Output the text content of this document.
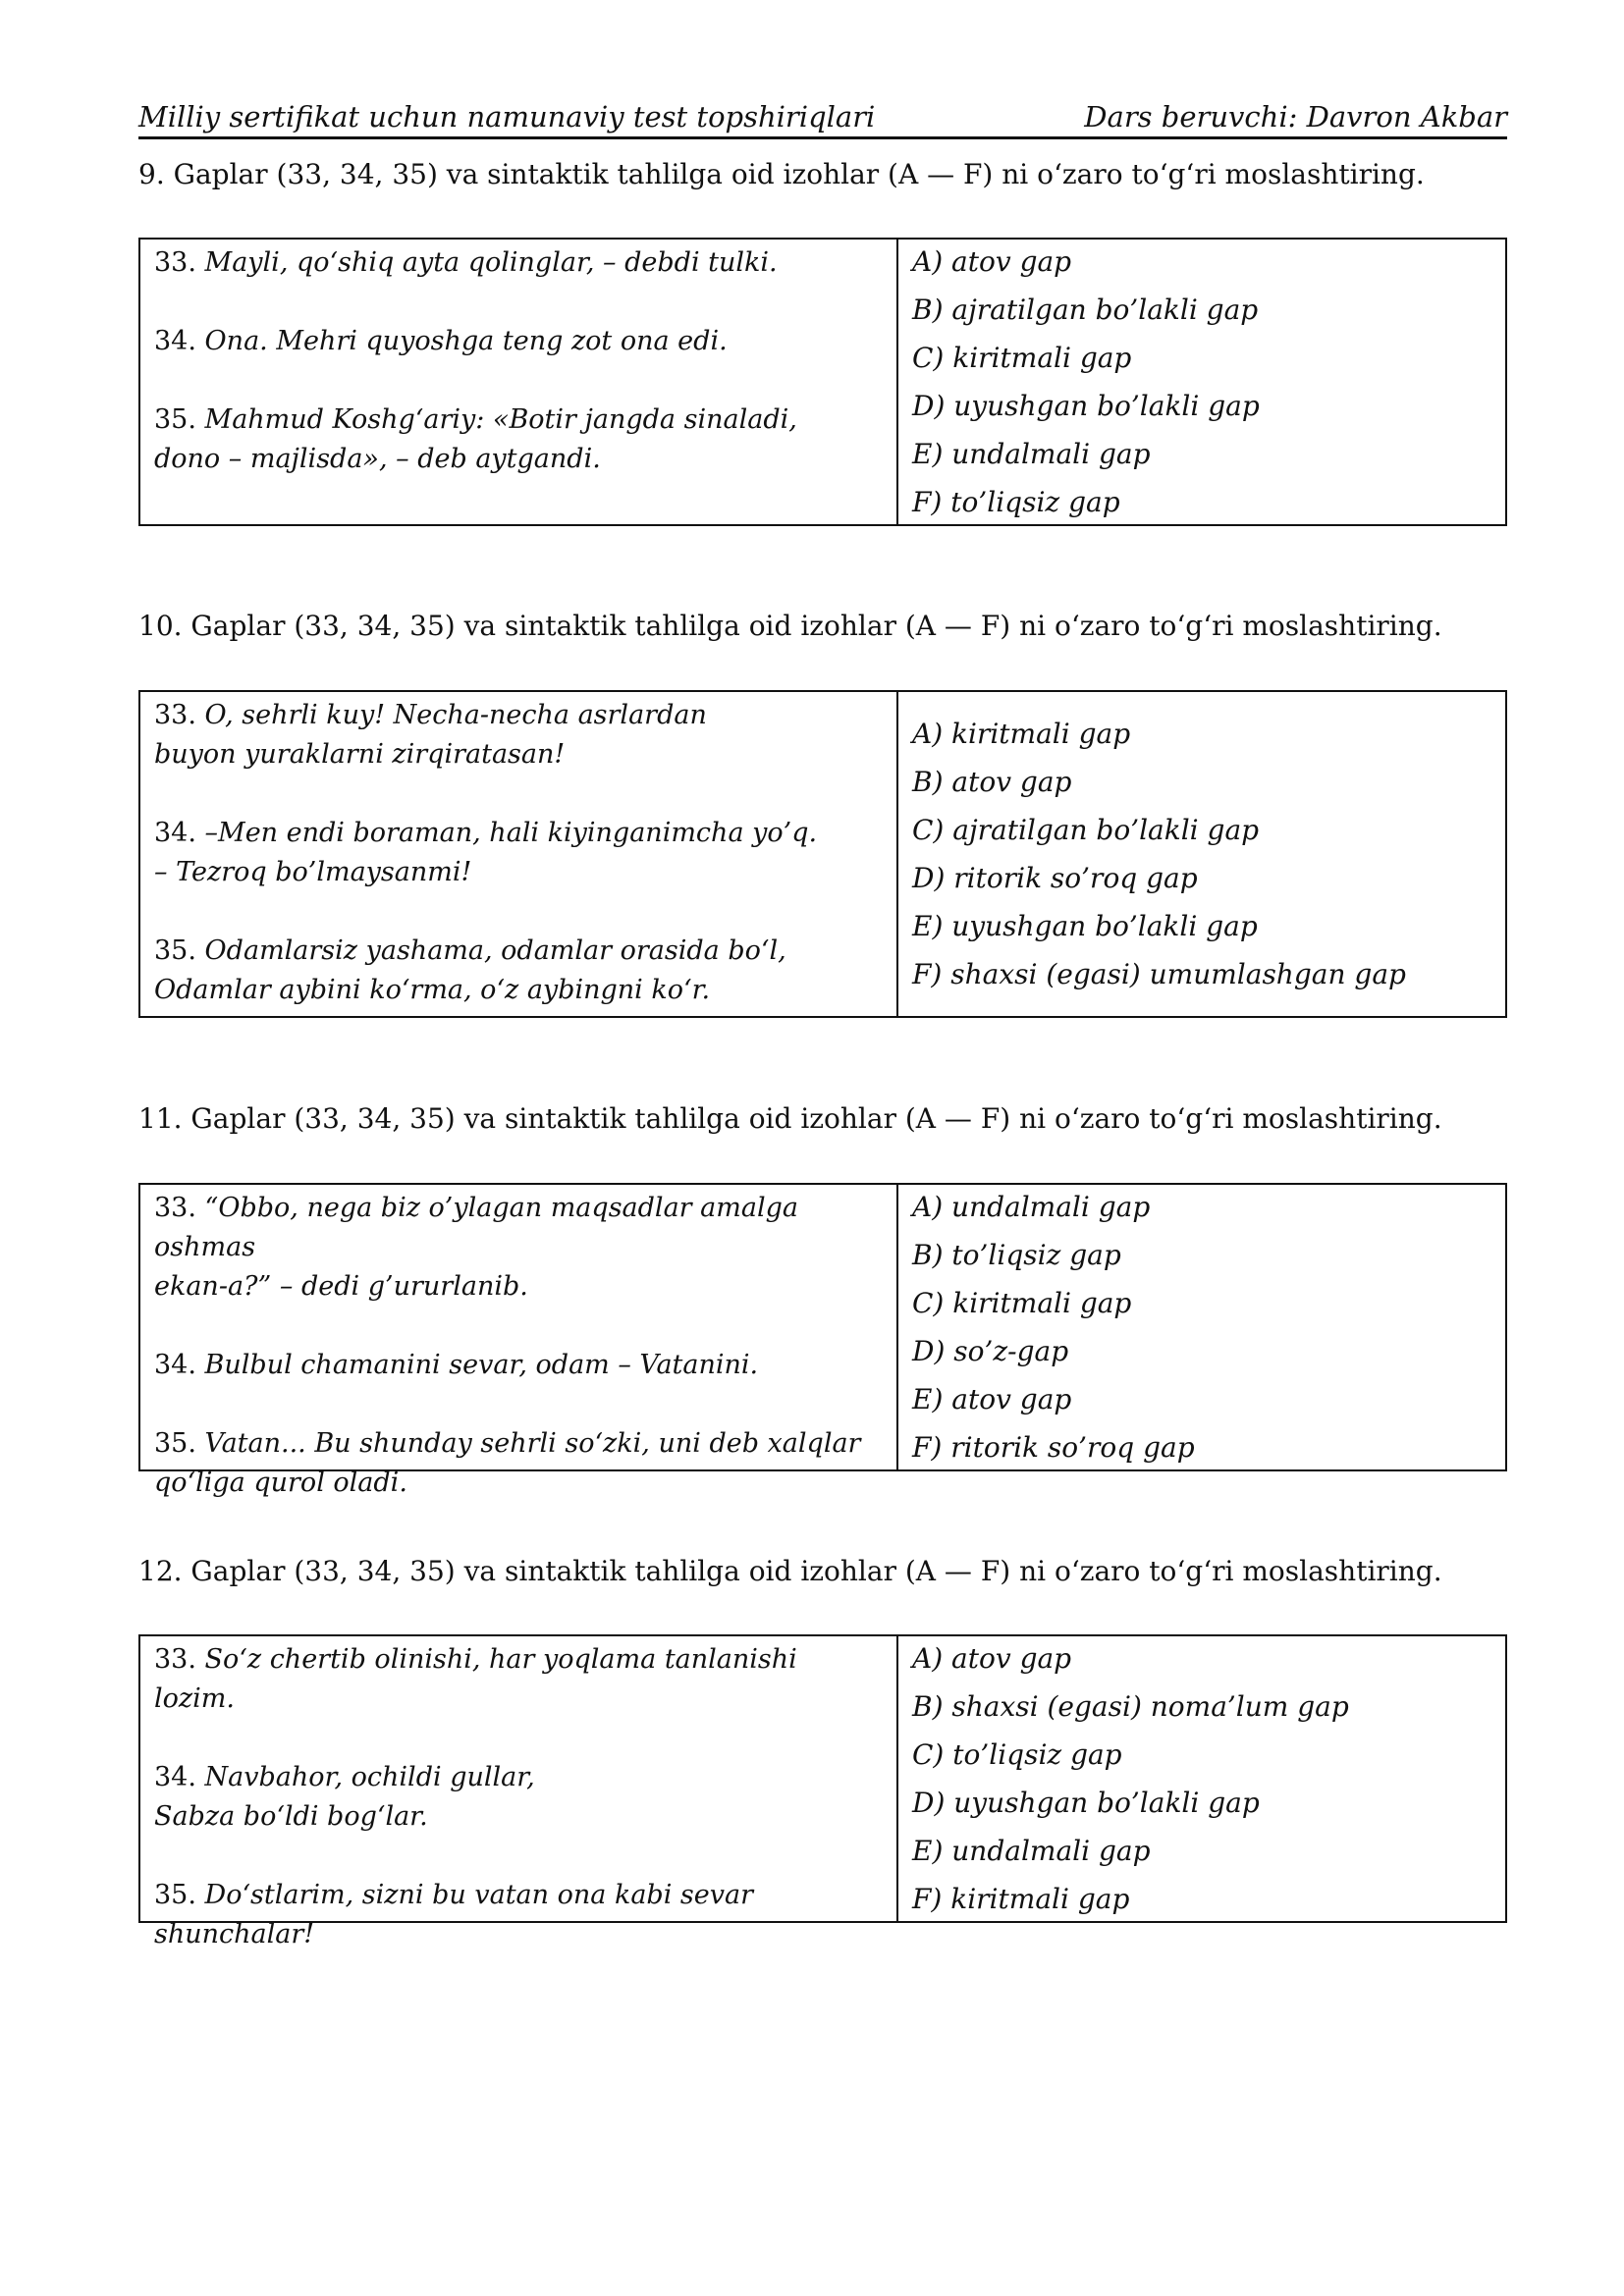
Milliy sertifikat uchun namunaviy test topshiriqlari	Dars beruvchi: Davron Akbar
9. Gaplar (33, 34, 35) va sintaktik tahlilga oid izohlar (A — F) ni o‘zaro to‘g‘ri moslashtiring.
33. Mayli, qo‘shiq ayta qolinglar, – debdi tulki.
34. Ona. Mehri quyoshga teng zot ona edi.
35. Mahmud Koshg‘ariy: «Botir jangda sinaladi,
dono – majlisda», – deb aytgandi.
A) atov gap
B) ajratilgan bo’lakli gap
C) kiritmali gap
D) uyushgan bo’lakli gap
E) undalmali gap
F) to’liqsiz gap
10. Gaplar (33, 34, 35) va sintaktik tahlilga oid izohlar (A — F) ni o‘zaro to‘g‘ri moslashtiring.
33. O, sehrli kuy! Necha-necha asrlardan
buyon yuraklarni zirqiratasan!
34. –Men endi boraman, hali kiyinganimcha yo’q.
– Tezroq bo’lmaysanmi!
35. Odamlarsiz yashama, odamlar orasida bo‘l,
Odamlar aybini ko‘rma, o‘z aybingni ko‘r.
A) kiritmali gap
B) atov gap
C) ajratilgan bo’lakli gap
D) ritorik so’roq gap
E) uyushgan bo’lakli gap
F) shaxsi (egasi) umumlashgan gap
11. Gaplar (33, 34, 35) va sintaktik tahlilga oid izohlar (A — F) ni o‘zaro to‘g‘ri moslashtiring.
33. “Obbo, nega biz o’ylagan maqsadlar amalga oshmas
ekan-a?” – dedi g’ururlanib.
34. Bulbul chamanini sevar, odam – Vatanini.
35. Vatan... Bu shunday sehrli so‘zki, uni deb xalqlar
qo‘liga qurol oladi.
A) undalmali gap
B) to’liqsiz gap
C) kiritmali gap
D) so’z-gap
E) atov gap
F) ritorik so’roq gap
12. Gaplar (33, 34, 35) va sintaktik tahlilga oid izohlar (A — F) ni o‘zaro to‘g‘ri moslashtiring.
33. So‘z chertib olinishi, har yoqlama tanlanishi lozim.
34. Navbahor, ochildi gullar,
Sabza bo‘ldi bog‘lar.
35. Do‘stlarim, sizni bu vatan ona kabi sevar
shunchalar!
A) atov gap
B) shaxsi (egasi) noma’lum gap
C) to’liqsiz gap
D) uyushgan bo’lakli gap
E) undalmali gap
F) kiritmali gap
